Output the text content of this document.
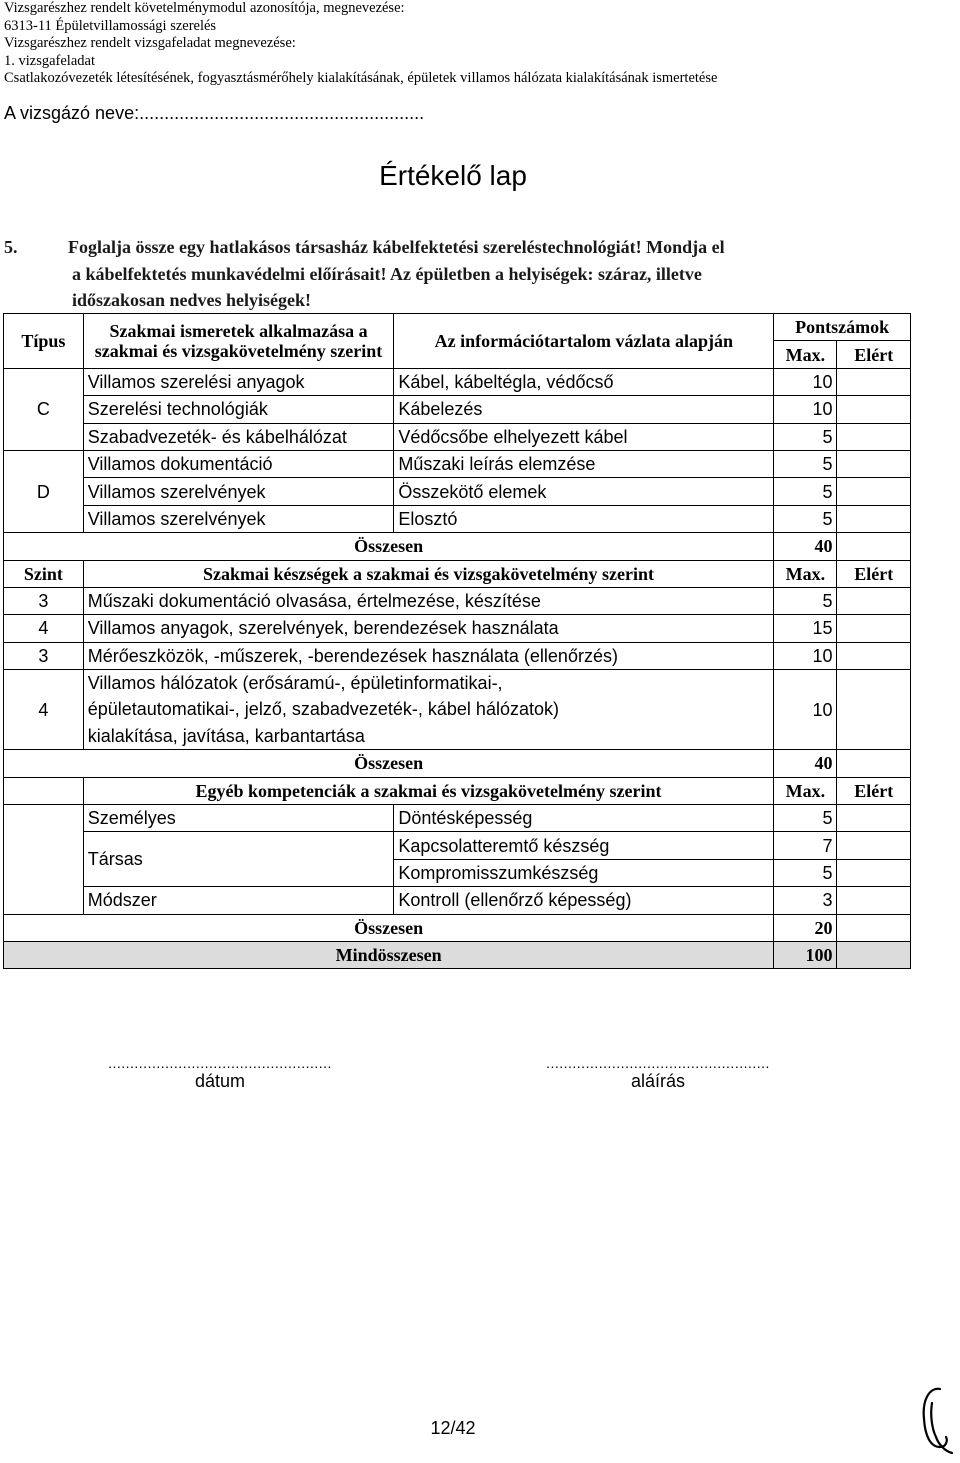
Vizsgarészhez rendelt követelménymodul azonosítója, megnevezése:
6313-11 Épületvillamossági szerelés
Vizsgarészhez rendelt vizsgafeladat megnevezése:
1. vizsgafeladat
Csatlakozóvezeték létesítésének, fogyasztásmérőhely kialakításának, épületek villamos hálózata kialakításának ismertetése
A vizsgázó neve:.........................................................
Értékelő lap
5.	Foglalja össze egy hatlakásos társasház kábelfektetési szereléstechnológiát! Mondja el
a kábelfektetés munkavédelmi előírásait! Az épületben a helyiségek: száraz, illetve
időszakosan nedves helyiségek!
Típus	Szakmai ismeretek alkalmazása a szakmai és vizsgakövetelmény szerint	Az információtartalom vázlata alapján	Pontszámok	
			Max.	Elért
C	Villamos szerelési anyagok	Kábel, kábeltégla, védőcső	10	
	Szerelési technológiák	Kábelezés	10	
	Szabadvezeték- és kábelhálózat	Védőcsőbe elhelyezett kábel	5	
D	Villamos dokumentáció	Műszaki leírás elemzése	5	
	Villamos szerelvények	Összekötő elemek	5	
	Villamos szerelvények	Elosztó	5	
Összesen			40	
Szint	Szakmai készségek a szakmai és vizsgakövetelmény szerint		Max.	Elért
3	Műszaki dokumentáció olvasása, értelmezése, készítése		5	
4	Villamos anyagok, szerelvények, berendezések használata		15	
3	Mérőeszközök, -műszerek, -berendezések használata (ellenőrzés)		10	
4	Villamos hálózatok (erősáramú-, épületinformatikai-,
épületautomatikai-, jelző, szabadvezeték-, kábel hálózatok)
kialakítása, javítása, karbantartása		10	
Összesen			40	
	Egyéb kompetenciák a szakmai és vizsgakövetelmény szerint		Max.	Elért
	Személyes	Döntésképesség	5	
	Társas	Kapcsolatteremtő készség	7	
		Kompromisszumkészség	5	
	Módszer	Kontroll (ellenőrző képesség)	3	
Összesen			20	
Mindösszesen			100	
...................................................
dátum
...................................................
aláírás
12/42
